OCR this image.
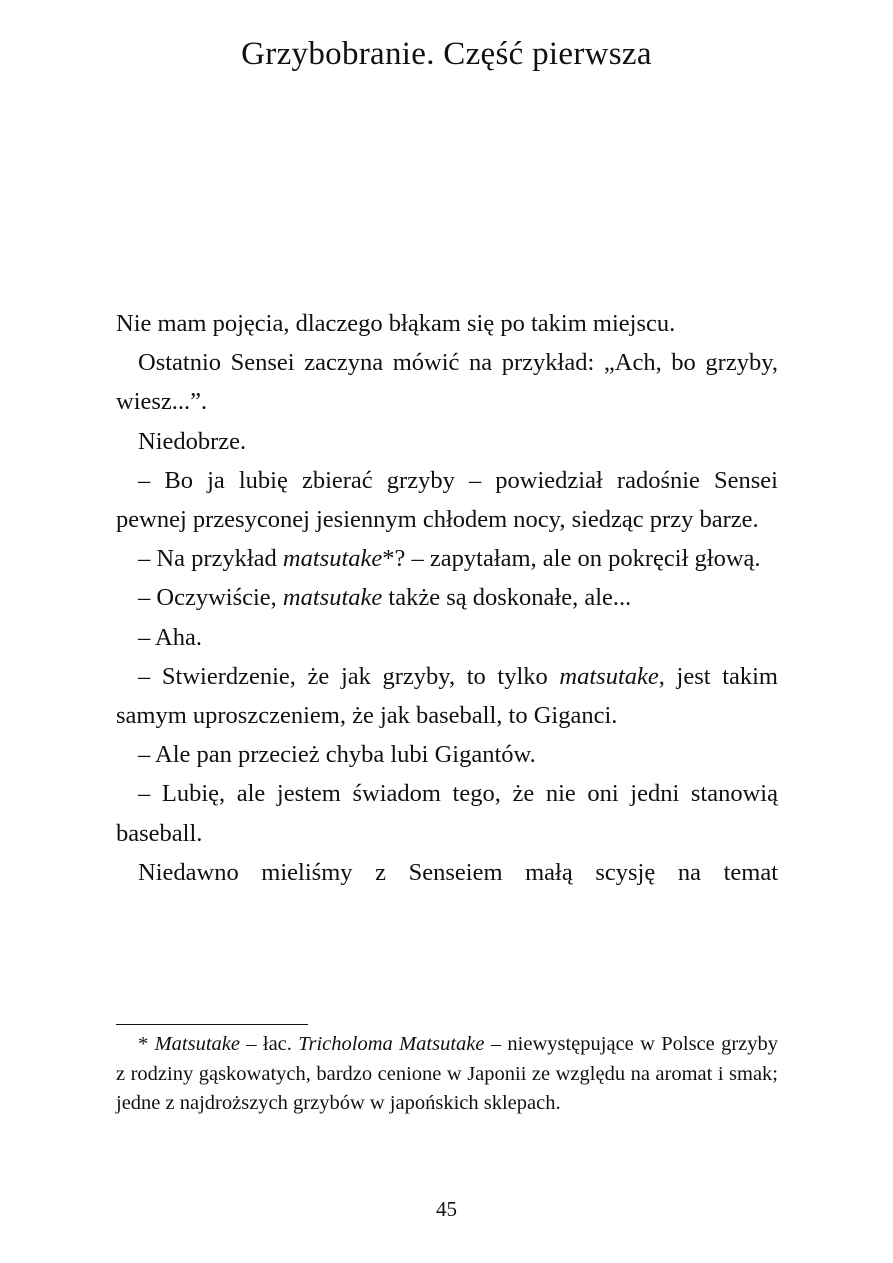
Grzybobranie. Część pierwsza

Nie mam pojęcia, dlaczego błąkam się po takim miejscu.

Ostatnio Sensei zaczyna mówić na przykład: „Ach, bo grzyby, wiesz...”.

Niedobrze.

– Bo ja lubię zbierać grzyby – powiedział radośnie Sensei pewnej przesyconej jesiennym chłodem nocy, siedząc przy barze.

– Na przykład matsutake*? – zapytałam, ale on pokręcił głową.

– Oczywiście, matsutake także są doskonałe, ale...

– Aha.

– Stwierdzenie, że jak grzyby, to tylko matsutake, jest takim samym uproszczeniem, że jak baseball, to Giganci.

– Ale pan przecież chyba lubi Gigantów.

– Lubię, ale jestem świadom tego, że nie oni jedni stanowią baseball.

Niedawno mieliśmy z Senseiem małą scysję na temat

* Matsutake – łac. Tricholoma Matsutake – niewystępujące w Polsce grzyby z rodziny gąskowatych, bardzo cenione w Japonii ze względu na aromat i smak; jedne z najdroższych grzybów w japońskich sklepach.
45
